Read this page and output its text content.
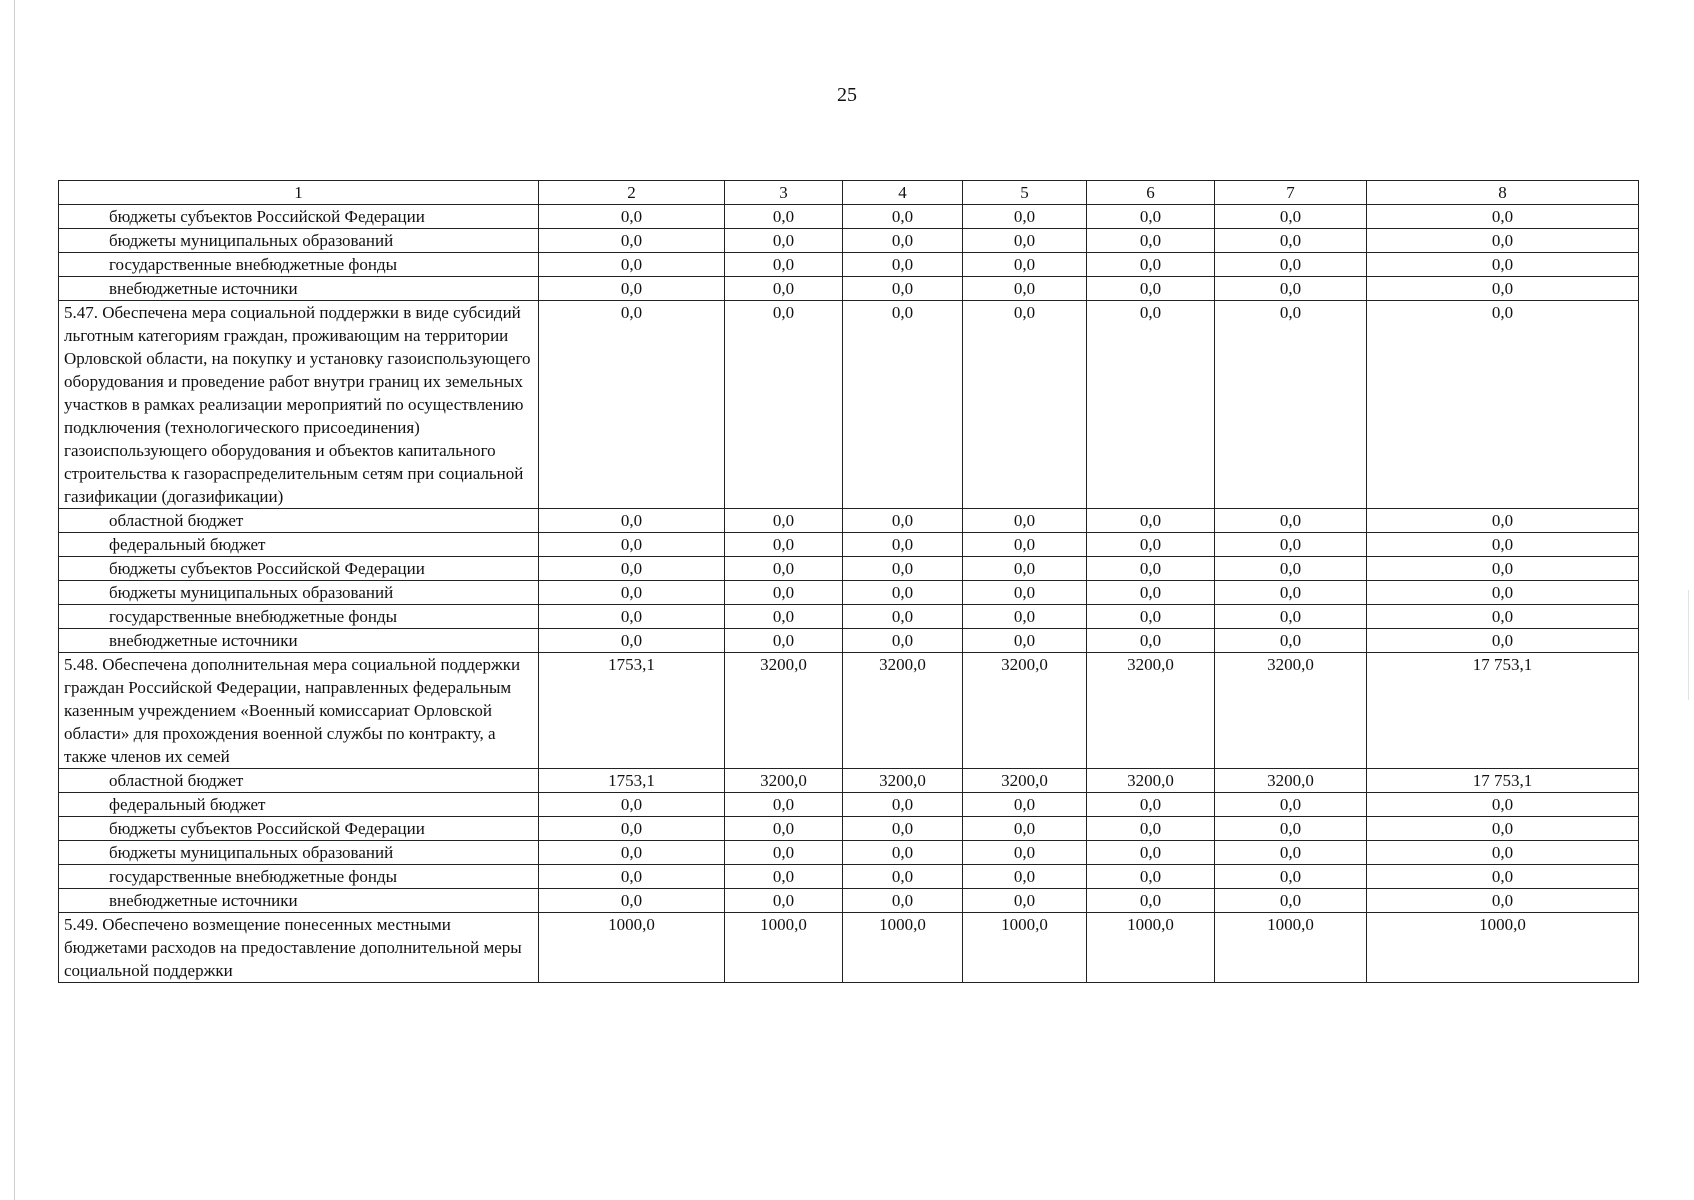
25
1	2	3	4	5	6	7	8
бюджеты субъектов Российской Федерации	0,0	0,0	0,0	0,0	0,0	0,0	0,0
бюджеты муниципальных образований	0,0	0,0	0,0	0,0	0,0	0,0	0,0
государственные внебюджетные фонды	0,0	0,0	0,0	0,0	0,0	0,0	0,0
внебюджетные источники	0,0	0,0	0,0	0,0	0,0	0,0	0,0
5.47. Обеспечена мера социальной поддержки в виде субсидий льготным категориям граждан, проживающим на территории Орловской области, на покупку и установку газоиспользующего оборудования и проведение работ внутри границ их земельных участков в рамках реализации мероприятий по осуществлению подключения (технологического присоединения) газоиспользующего оборудования и объектов капитального строительства к газораспределительным сетям при социальной газификации (догазификации)	0,0	0,0	0,0	0,0	0,0	0,0	0,0
областной бюджет	0,0	0,0	0,0	0,0	0,0	0,0	0,0
федеральный бюджет	0,0	0,0	0,0	0,0	0,0	0,0	0,0
бюджеты субъектов Российской Федерации	0,0	0,0	0,0	0,0	0,0	0,0	0,0
бюджеты муниципальных образований	0,0	0,0	0,0	0,0	0,0	0,0	0,0
государственные внебюджетные фонды	0,0	0,0	0,0	0,0	0,0	0,0	0,0
внебюджетные источники	0,0	0,0	0,0	0,0	0,0	0,0	0,0
5.48. Обеспечена дополнительная мера социальной поддержки граждан Российской Федерации, направленных федеральным казенным учреждением «Военный комиссариат Орловской области» для прохождения военной службы по контракту, а также членов их семей	1753,1	3200,0	3200,0	3200,0	3200,0	3200,0	17 753,1
областной бюджет	1753,1	3200,0	3200,0	3200,0	3200,0	3200,0	17 753,1
федеральный бюджет	0,0	0,0	0,0	0,0	0,0	0,0	0,0
бюджеты субъектов Российской Федерации	0,0	0,0	0,0	0,0	0,0	0,0	0,0
бюджеты муниципальных образований	0,0	0,0	0,0	0,0	0,0	0,0	0,0
государственные внебюджетные фонды	0,0	0,0	0,0	0,0	0,0	0,0	0,0
внебюджетные источники	0,0	0,0	0,0	0,0	0,0	0,0	0,0
5.49. Обеспечено возмещение понесенных местными бюджетами расходов на предоставление дополнительной меры социальной поддержки	1000,0	1000,0	1000,0	1000,0	1000,0	1000,0	1000,0
